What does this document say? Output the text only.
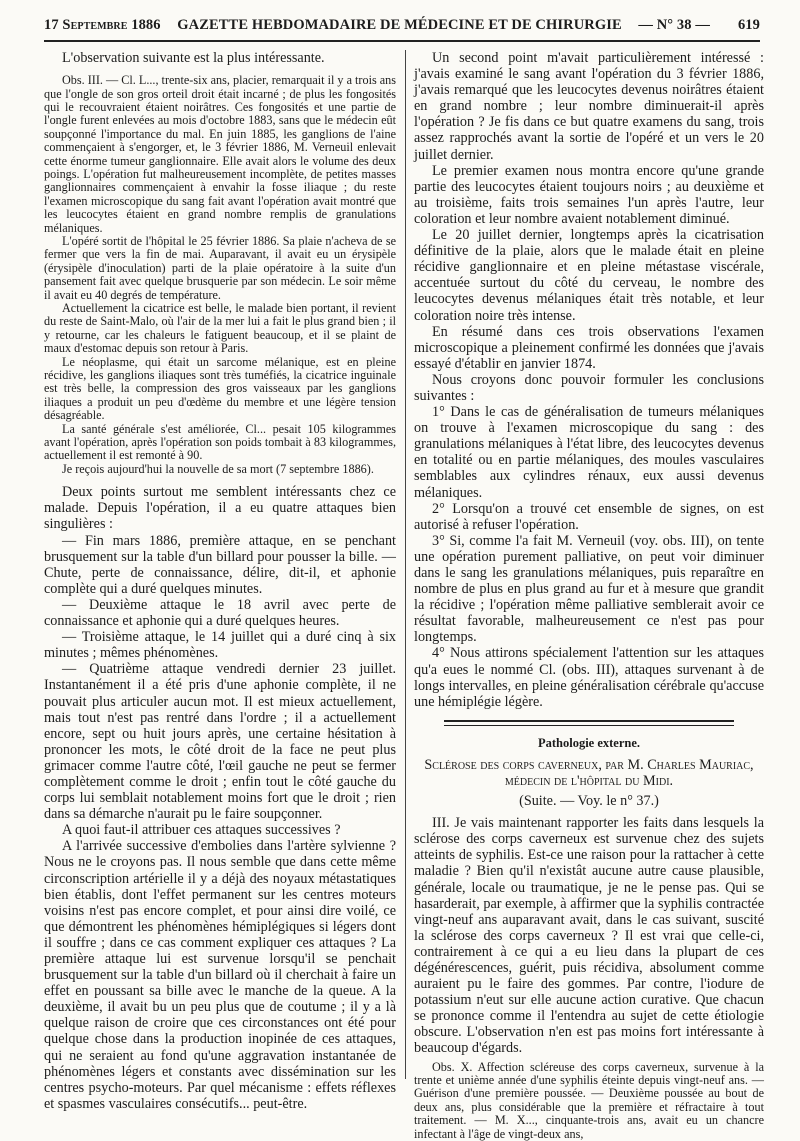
17 Septembre 1886	GAZETTE HEBDOMADAIRE DE MÉDECINE ET DE CHIRURGIE	— N° 38 — 619

L'observation suivante est la plus intéressante.

Obs. III. — Cl. L..., trente-six ans, placier, remarquait il y a trois ans que l'ongle de son gros orteil droit était incarné ; de plus les fongosités qui le recouvraient étaient noirâtres. Ces fongosités et une partie de l'ongle furent enlevées au mois d'octobre 1883, sans que le médecin eût soupçonné l'importance du mal. En juin 1885, les ganglions de l'aine commençaient à s'engorger, et, le 3 février 1886, M. Verneuil enlevait cette énorme tumeur ganglionnaire. Elle avait alors le volume des deux poings. L'opération fut malheureusement incomplète, de petites masses ganglionnaires commençaient à envahir la fosse iliaque ; du reste l'examen microscopique du sang fait avant l'opération avait montré que les leucocytes étaient en grand nombre remplis de granulations mélaniques.

L'opéré sortit de l'hôpital le 25 février 1886. Sa plaie n'acheva de se fermer que vers la fin de mai. Auparavant, il avait eu un érysipèle (érysipèle d'inoculation) parti de la plaie opératoire à la suite d'un pansement fait avec quelque brusquerie par son médecin. Le soir même il avait eu 40 degrés de température.

Actuellement la cicatrice est belle, le malade bien portant, il revient du reste de Saint-Malo, où l'air de la mer lui a fait le plus grand bien ; il y retourne, car les chaleurs le fatiguent beaucoup, et il se plaint de maux d'estomac depuis son retour à Paris.

Le néoplasme, qui était un sarcome mélanique, est en pleine récidive, les ganglions iliaques sont très tuméfiés, la cicatrice inguinale est très belle, la compression des gros vaisseaux par les ganglions iliaques a produit un peu d'œdème du membre et une légère tension désagréable.

La santé générale s'est améliorée, Cl... pesait 105 kilogrammes avant l'opération, après l'opération son poids tombait à 83 kilogrammes, actuellement il est remonté à 90.

Je reçois aujourd'hui la nouvelle de sa mort (7 septembre 1886).

Deux points surtout me semblent intéressants chez ce malade. Depuis l'opération, il a eu quatre attaques bien singulières :

— Fin mars 1886, première attaque, en se penchant brusquement sur la table d'un billard pour pousser la bille. — Chute, perte de connaissance, délire, dit-il, et aphonie complète qui a duré quelques minutes.

— Deuxième attaque le 18 avril avec perte de connaissance et aphonie qui a duré quelques heures.

— Troisième attaque, le 14 juillet qui a duré cinq à six minutes ; mêmes phénomènes.

— Quatrième attaque vendredi dernier 23 juillet. Instantanément il a été pris d'une aphonie complète, il ne pouvait plus articuler aucun mot. Il est mieux actuellement, mais tout n'est pas rentré dans l'ordre ; il a actuellement encore, sept ou huit jours après, une certaine hésitation à prononcer les mots, le côté droit de la face ne peut plus grimacer comme l'autre côté, l'œil gauche ne peut se fermer complètement comme le droit ; enfin tout le côté gauche du corps lui semblait notablement moins fort que le droit ; rien dans sa démarche n'aurait pu le faire soupçonner.

A quoi faut-il attribuer ces attaques successives ?

A l'arrivée successive d'embolies dans l'artère sylvienne ? Nous ne le croyons pas. Il nous semble que dans cette même circonscription artérielle il y a déjà des noyaux métastatiques bien établis, dont l'effet permanent sur les centres moteurs voisins n'est pas encore complet, et pour ainsi dire voilé, ce que démontrent les phénomènes hémiplégiques si légers dont il souffre ; dans ce cas comment expliquer ces attaques ? La première attaque lui est survenue lorsqu'il se penchait brusquement sur la table d'un billard où il cherchait à faire un effet en poussant sa bille avec le manche de la queue. A la deuxième, il avait bu un peu plus que de coutume ; il y a là quelque raison de croire que ces circonstances ont été pour quelque chose dans la production inopinée de ces attaques, qui ne seraient au fond qu'une aggravation instantanée de phénomènes légers et constants avec dissémination sur les centres psycho-moteurs. Par quel mécanisme : effets réflexes et spasmes vasculaires consécutifs... peut-être.

Un second point m'avait particulièrement intéressé : j'avais examiné le sang avant l'opération du 3 février 1886, j'avais remarqué que les leucocytes devenus noirâtres étaient en grand nombre ; leur nombre diminuerait-il après l'opération ? Je fis dans ce but quatre examens du sang, trois assez rapprochés avant la sortie de l'opéré et un vers le 20 juillet dernier.

Le premier examen nous montra encore qu'une grande partie des leucocytes étaient toujours noirs ; au deuxième et au troisième, faits trois semaines l'un après l'autre, leur coloration et leur nombre avaient notablement diminué.

Le 20 juillet dernier, longtemps après la cicatrisation définitive de la plaie, alors que le malade était en pleine récidive ganglionnaire et en pleine métastase viscérale, accentuée surtout du côté du cerveau, le nombre des leucocytes devenus mélaniques était très notable, et leur coloration noire très intense.

En résumé dans ces trois observations l'examen microscopique a pleinement confirmé les données que j'avais essayé d'établir en janvier 1874.

Nous croyons donc pouvoir formuler les conclusions suivantes :

1° Dans le cas de généralisation de tumeurs mélaniques on trouve à l'examen microscopique du sang : des granulations mélaniques à l'état libre, des leucocytes devenus en totalité ou en partie mélaniques, des moules vasculaires semblables aux cylindres rénaux, eux aussi devenus mélaniques.

2° Lorsqu'on a trouvé cet ensemble de signes, on est autorisé à refuser l'opération.

3° Si, comme l'a fait M. Verneuil (voy. obs. III), on tente une opération purement palliative, on peut voir diminuer dans le sang les granulations mélaniques, puis reparaître en nombre de plus en plus grand au fur et à mesure que grandit la récidive ; l'opération même palliative semblerait avoir ce résultat favorable, malheureusement ce n'est pas pour longtemps.

4° Nous attirons spécialement l'attention sur les attaques qu'a eues le nommé Cl. (obs. III), attaques survenant à de longs intervalles, en pleine généralisation cérébrale qu'accuse une hémiplégie légère.

Pathologie externe.

Sclérose des corps caverneux, par M. Charles Mauriac, médecin de l'hôpital du Midi.

(Suite. — Voy. le n° 37.)

III. Je vais maintenant rapporter les faits dans lesquels la sclérose des corps caverneux est survenue chez des sujets atteints de syphilis. Est-ce une raison pour la rattacher à cette maladie ? Bien qu'il n'existât aucune autre cause plausible, générale, locale ou traumatique, je ne le pense pas. Qui se hasarderait, par exemple, à affirmer que la syphilis contractée vingt-neuf ans auparavant avait, dans le cas suivant, suscité la sclérose des corps caverneux ? Il est vrai que celle-ci, contrairement à ce qui a eu lieu dans la plupart de ces dégénérescences, guérit, puis récidiva, absolument comme auraient pu le faire des gommes. Par contre, l'iodure de potassium n'eut sur elle aucune action curative. Que chacun se prononce comme il l'entendra au sujet de cette étiologie obscure. L'observation n'en est pas moins fort intéressante à beaucoup d'égards.

Obs. X. Affection scléreuse des corps caverneux, survenue à la trente et unième année d'une syphilis éteinte depuis vingt-neuf ans. — Guérison d'une première poussée. — Deuxième poussée au bout de deux ans, plus considérable que la première et réfractaire à tout traitement. — M. X..., cinquante-trois ans, avait eu un chancre infectant à l'âge de vingt-deux ans,
